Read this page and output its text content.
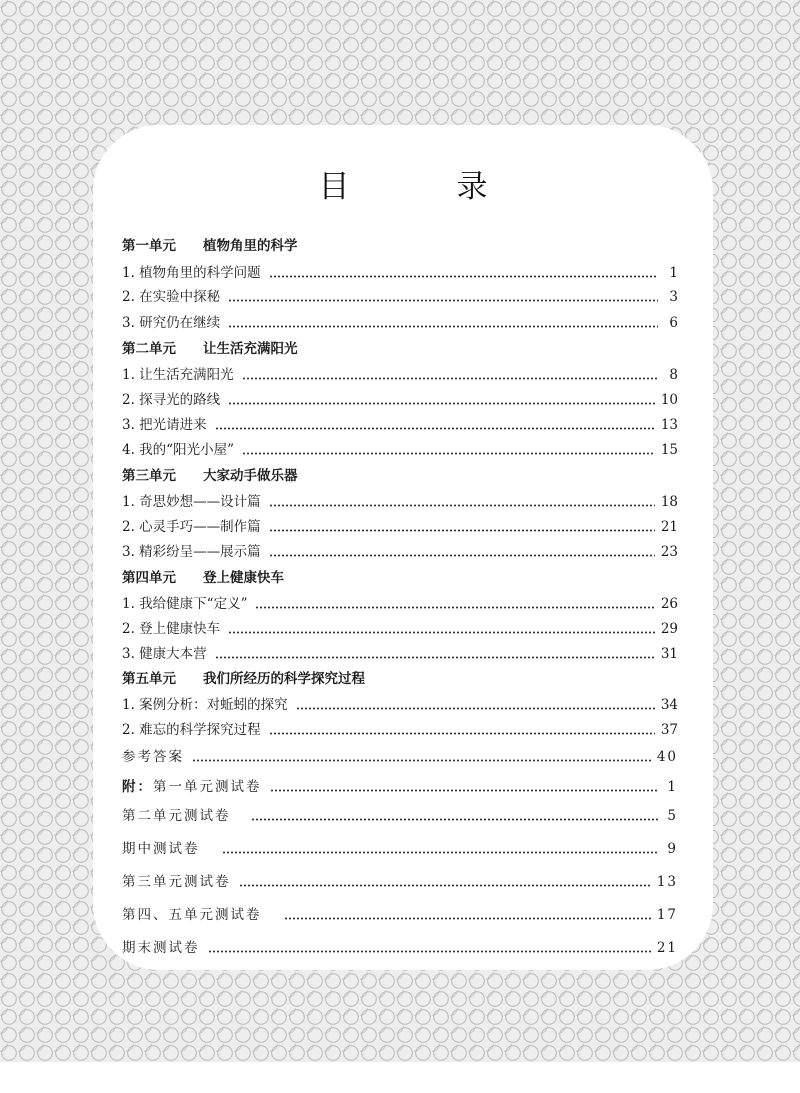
目　录
第一单元　　植物角里的科学
1. 植物角里的科学问题	1
2. 在实验中探秘	3
3. 研究仍在继续	6
第二单元　　让生活充满阳光
1. 让生活充满阳光	8
2. 探寻光的路线	10
3. 把光请进来	13
4. 我的“阳光小屋”	15
第三单元　　大家动手做乐器
1. 奇思妙想——设计篇	18
2. 心灵手巧——制作篇	21
3. 精彩纷呈——展示篇	23
第四单元　　登上健康快车
1. 我给健康下“定义”	26
2. 登上健康快车	29
3. 健康大本营	31
第五单元　　我们所经历的科学探究过程
1. 案例分析：对蚯蚓的探究	34
2. 难忘的科学探究过程	37
参考答案	40
附： 第一单元测试卷	1
第二单元测试卷	5
期中测试卷	9
第三单元测试卷	13
第四、五单元测试卷	17
期末测试卷	21
